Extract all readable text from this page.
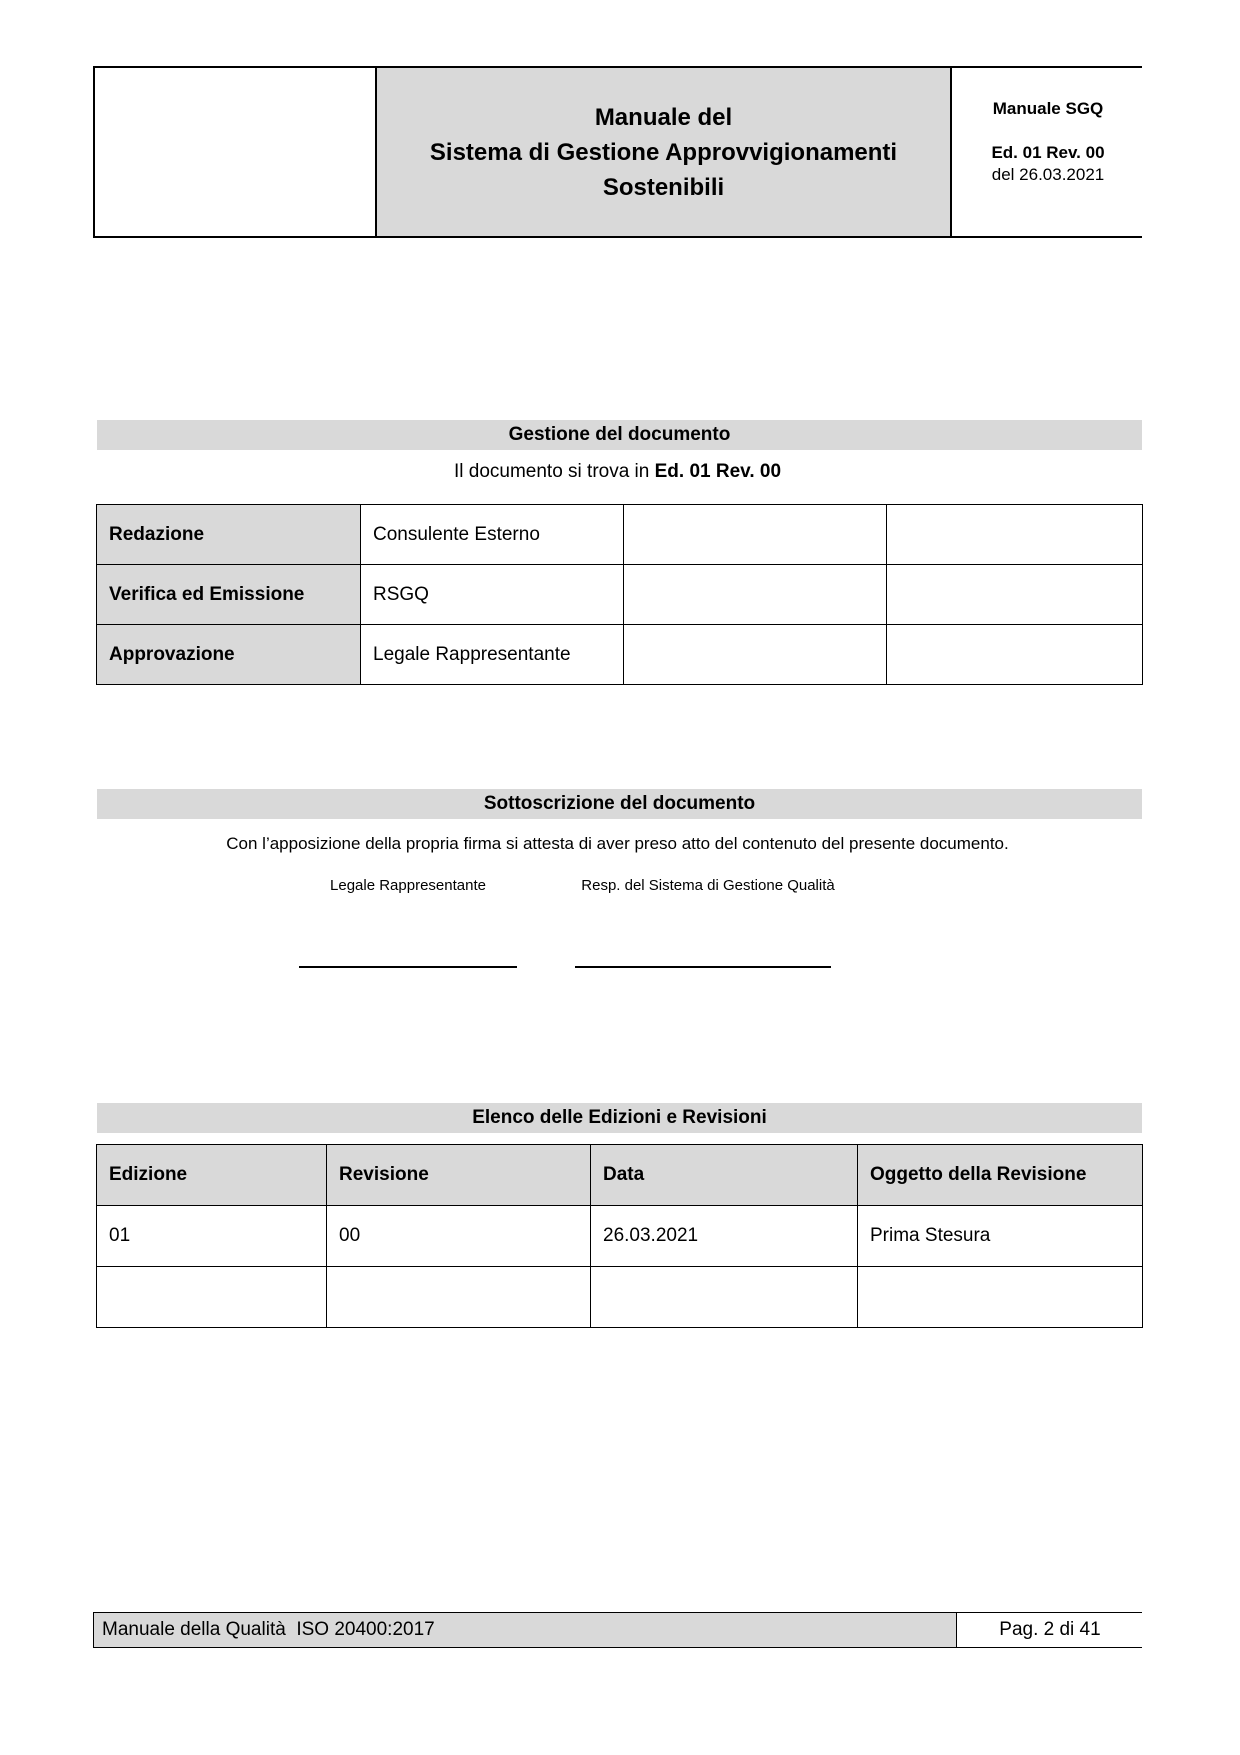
Manuale del
Sistema di Gestione Approvvigionamenti
Sostenibili
Manuale SGQ
Ed. 01 Rev. 00
del 26.03.2021
Gestione del documento
Il documento si trova in Ed. 01 Rev. 00
Redazione	Consulente Esterno		
Verifica ed Emissione	RSGQ		
Approvazione	Legale Rappresentante		
Sottoscrizione del documento
Con l’apposizione della propria firma si attesta di aver preso atto del contenuto del presente documento.
Legale Rappresentante	Resp. del Sistema di Gestione Qualità
Elenco delle Edizioni e Revisioni
Edizione	Revisione	Data	Oggetto della Revisione
01	00	26.03.2021	Prima Stesura

Manuale della Qualità  ISO 20400:2017	Pag. 2 di 41
